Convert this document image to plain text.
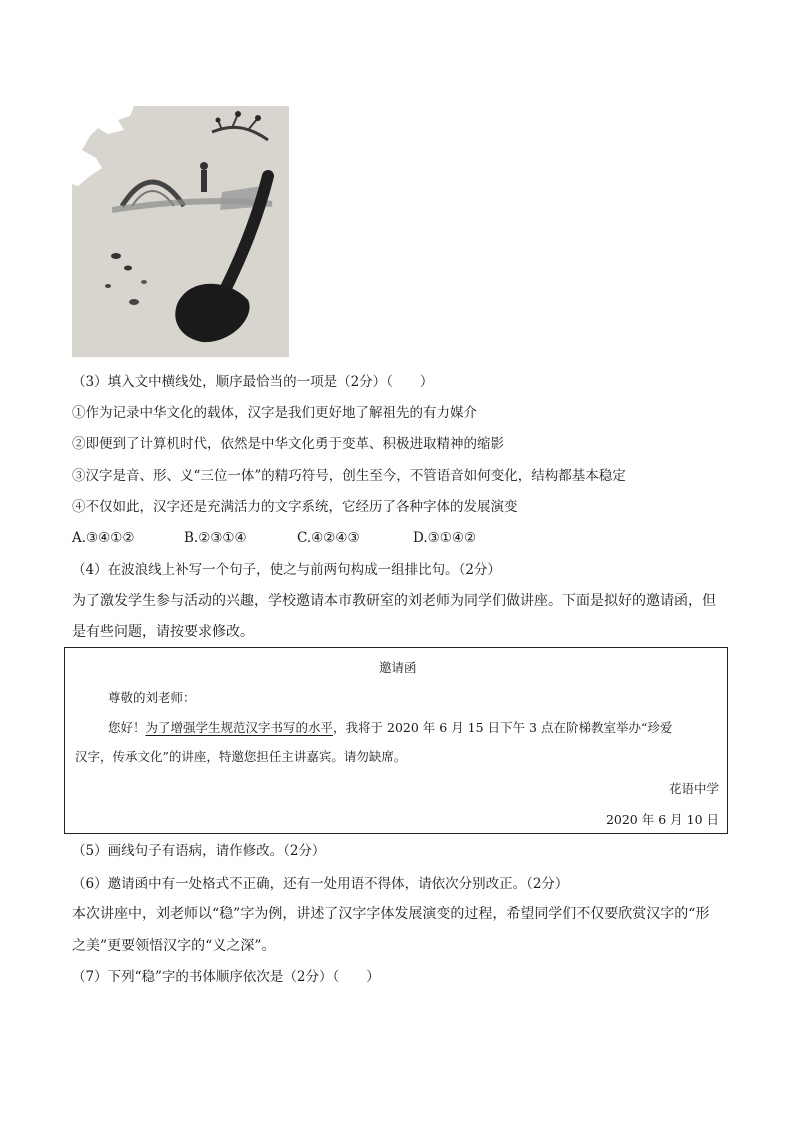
（3）填入文中横线处，顺序最恰当的一项是（2分）（　　）
①作为记录中华文化的载体，汉字是我们更好地了解祖先的有力媒介
②即便到了计算机时代，依然是中华文化勇于变革、积极进取精神的缩影
③汉字是音、形、义“三位一体”的精巧符号，创生至今，不管语音如何变化，结构都基本稳定
④不仅如此，汉字还是充满活力的文字系统，它经历了各种字体的发展演变
A.③④①②	B.②③①④	C.④②④③	D.③①④②
（4）在波浪线上补写一个句子，使之与前两句构成一组排比句。（2分）
为了激发学生参与活动的兴趣，学校邀请本市教研室的刘老师为同学们做讲座。下面是拟好的邀请函，但
是有些问题，请按要求修改。
邀请函
尊敬的刘老师：
您好！为了增强学生规范汉字书写的水平，我将于 2020 年 6 月 15 日下午 3 点在阶梯教室举办“珍爱
汉字，传承文化”的讲座，特邀您担任主讲嘉宾。请勿缺席。
花语中学
2020 年 6 月 10 日
（5）画线句子有语病，请作修改。（2分）
（6）邀请函中有一处格式不正确，还有一处用语不得体，请依次分别改正。（2分）
本次讲座中，刘老师以“稳”字为例，讲述了汉字字体发展演变的过程，希望同学们不仅要欣赏汉字的“形
之美”更要领悟汉字的“义之深”。
（7）下列“稳”字的书体顺序依次是（2分）（　　）
